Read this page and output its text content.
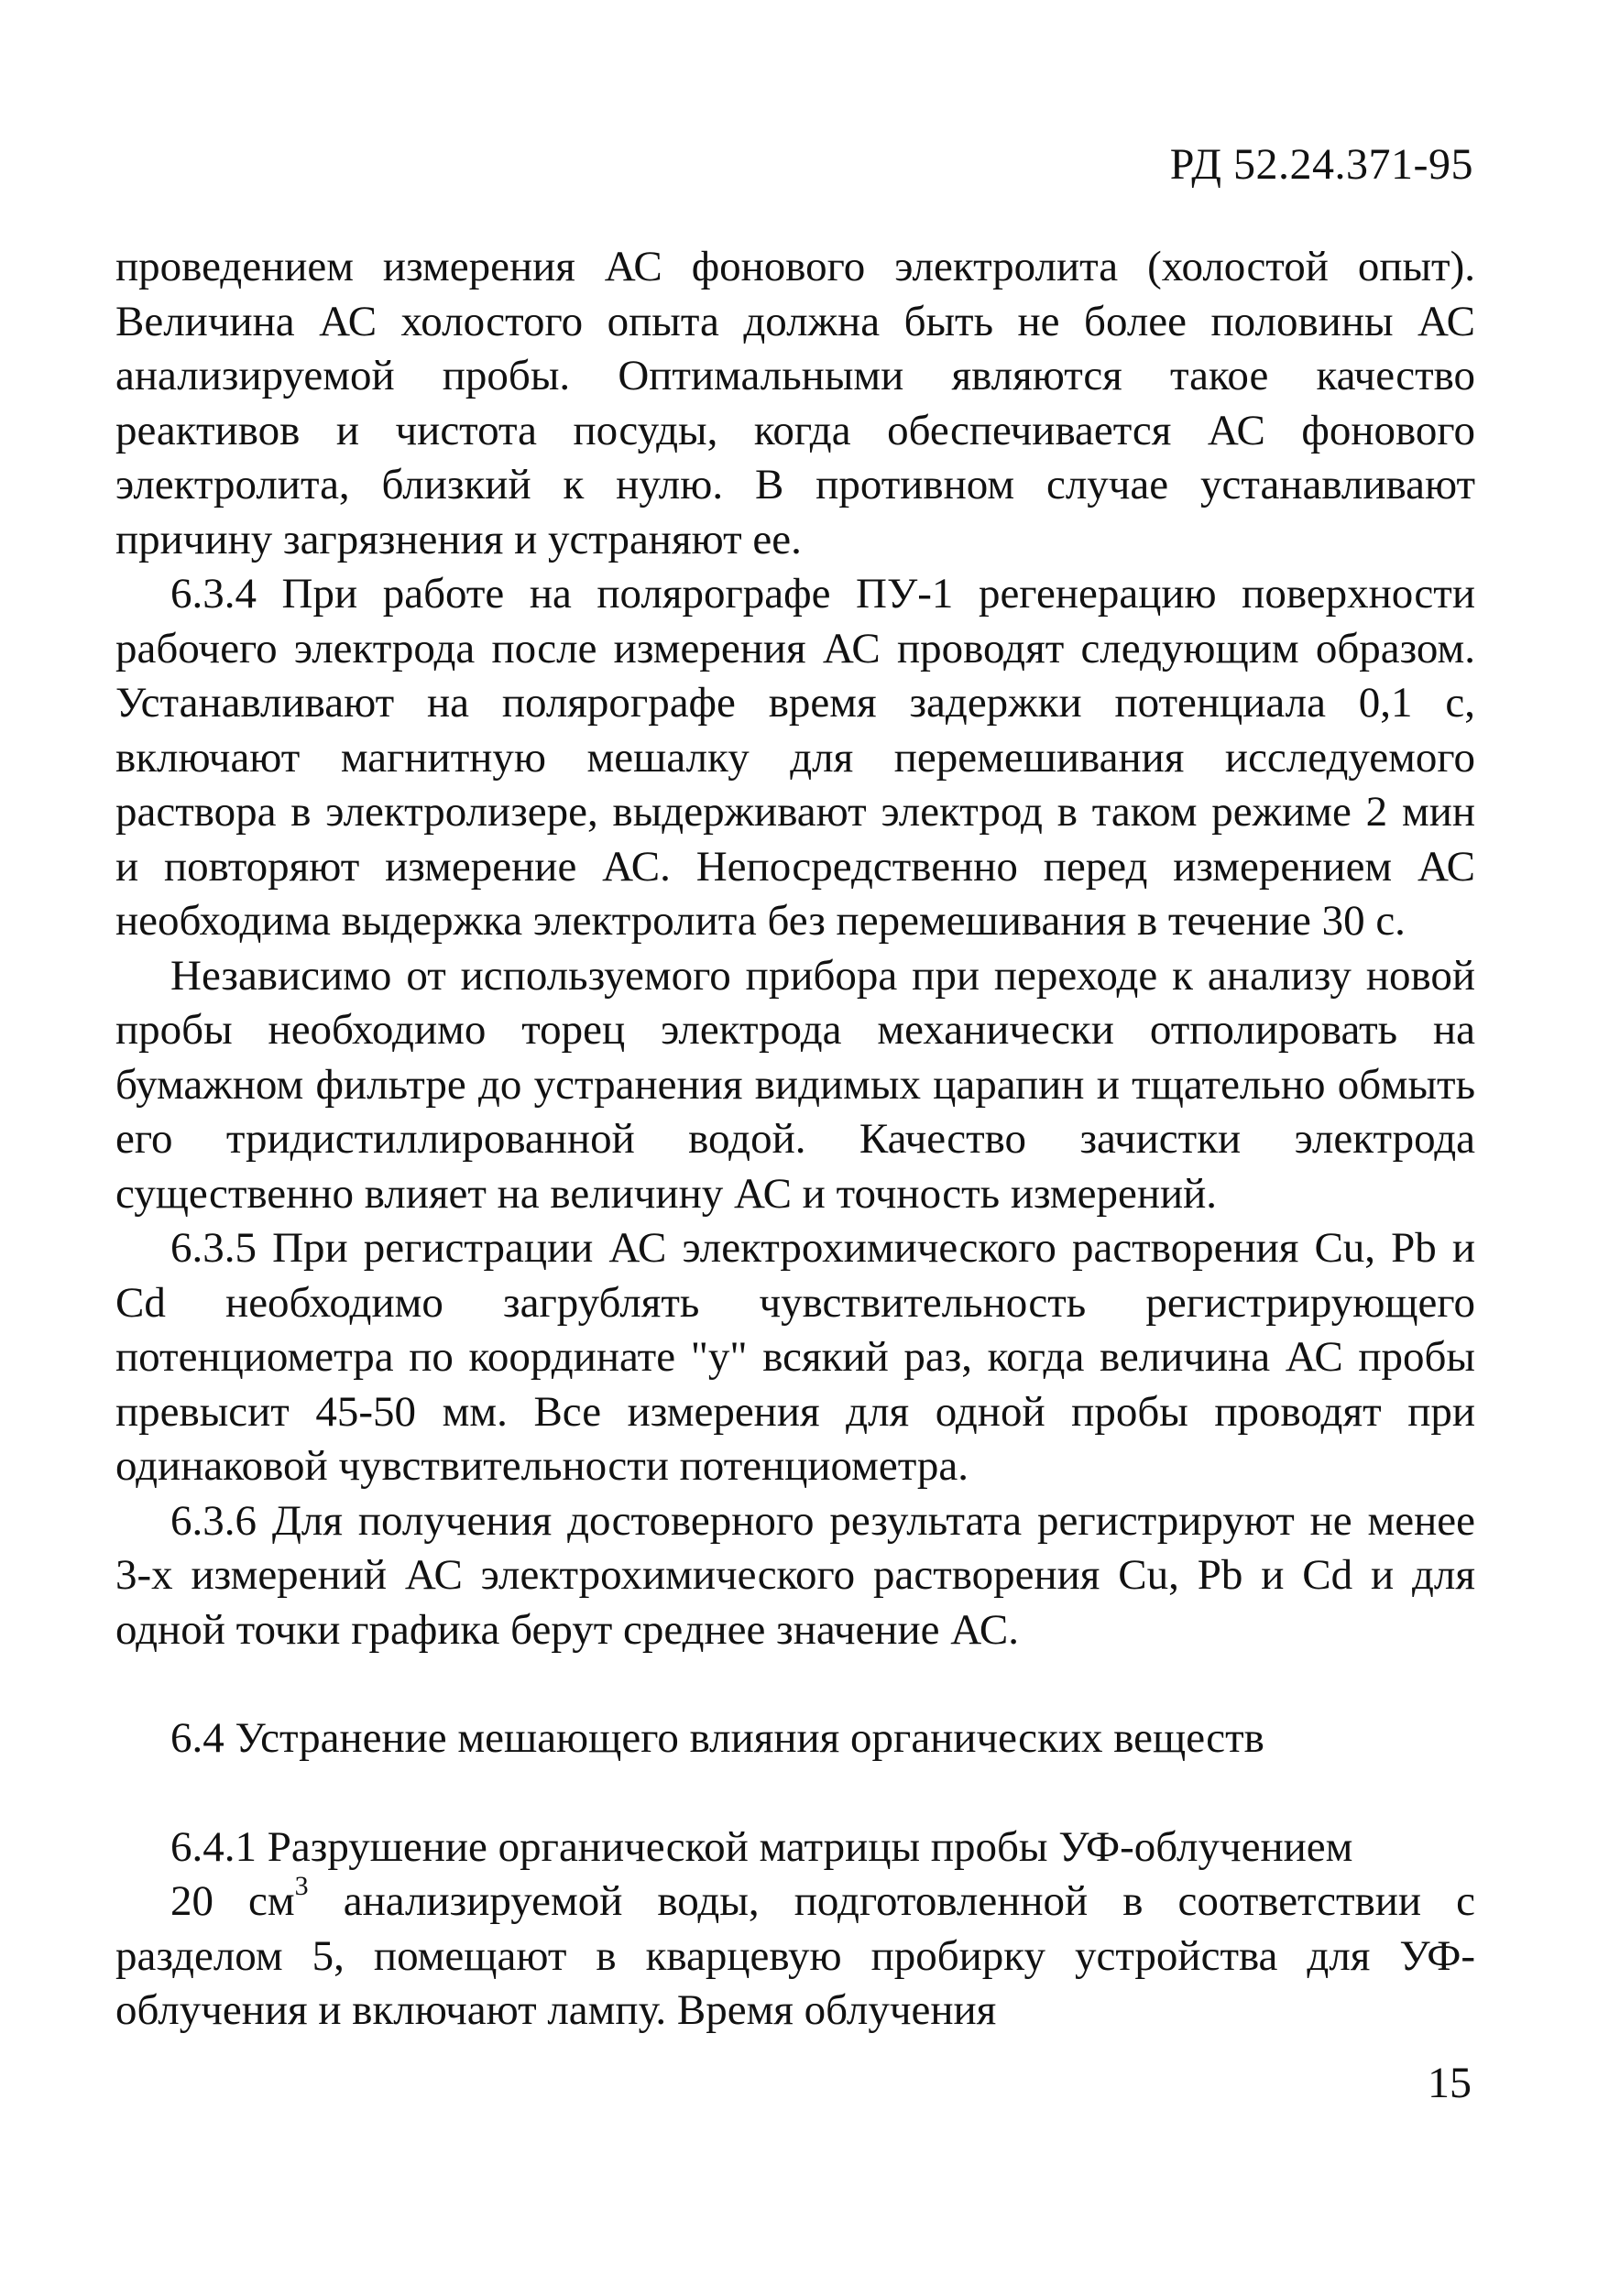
РД 52.24.371-95

проведением измерения АС фонового электролита (холостой опыт). Величина АС холостого опыта должна быть не более половины АС анализируемой пробы. Оптимальными являются такое качество реактивов и чистота посуды, когда обеспечивается АС фонового электролита, близкий к нулю. В противном случае устанавливают причину загрязнения и устраняют ее.

6.3.4 При работе на полярографе ПУ-1 регенерацию поверхности рабочего электрода после измерения АС проводят следующим образом. Устанавливают на полярографе время задержки потенциала 0,1 с, включают магнитную мешалку для перемешивания исследуемого раствора в электролизере, выдерживают электрод в таком режиме 2 мин и повторяют измерение АС. Непосредственно перед измерением АС необходима выдержка электролита без перемешивания в течение 30 с.

Независимо от используемого прибора при переходе к анализу новой пробы необходимо торец электрода механически отполировать на бумажном фильтре до устранения видимых царапин и тщательно обмыть его тридистиллированной водой. Качество зачистки электрода существенно влияет на величину АС и точность измерений.

6.3.5 При регистрации АС электрохимического растворения Cu, Pb и Cd необходимо загрублять чувствительность регистрирующего потенциометра по координате "y" всякий раз, когда величина АС пробы превысит 45-50 мм. Все измерения для одной пробы проводят при одинаковой чувствительности потенциометра.

6.3.6 Для получения достоверного результата регистрируют не менее 3-х измерений АС электрохимического растворения Cu, Pb и Cd и для одной точки графика берут среднее значение АС.

6.4 Устранение мешающего влияния органических веществ

6.4.1 Разрушение органической матрицы пробы УФ-облучением

20 $см^3$ анализируемой воды, подготовленной в соответствии с разделом 5, помещают в кварцевую пробирку устройства для УФ-облучения и включают лампу. Время облучения

15
